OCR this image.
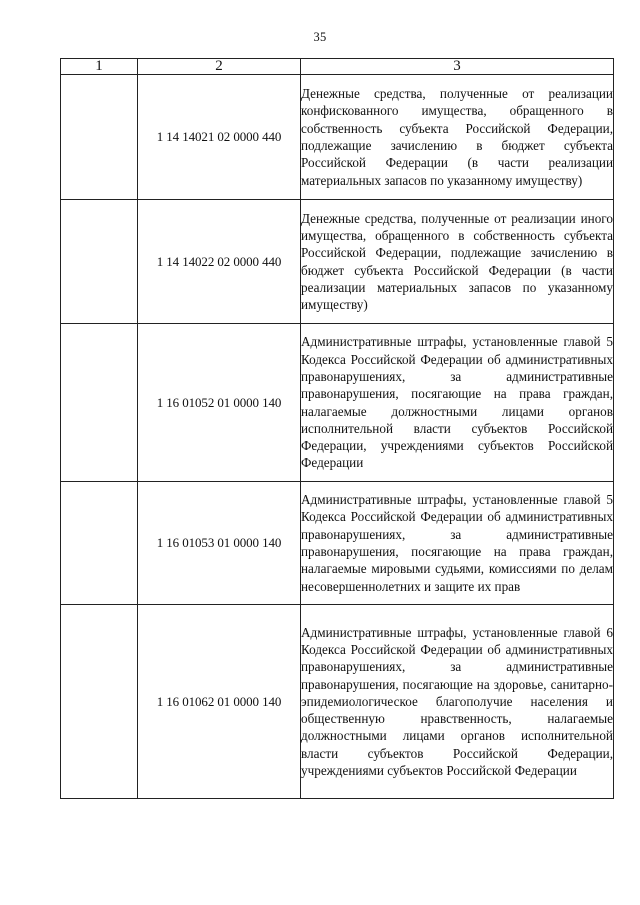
35
1	2	3
	1 14 14021 02 0000 440	Денежные средства, полученные от реализации конфискованного имущества, обращенного в собственность субъекта Российской Федерации, подлежащие зачислению в бюджет субъекта Российской Федерации (в части реализации материальных запасов по указанному имуществу)
	1 14 14022 02 0000 440	Денежные средства, полученные от реализации иного имущества, обращенного в собственность субъекта Российской Федерации, подлежащие зачислению в бюджет субъекта Российской Федерации (в части реализации материальных запасов по указанному имуществу)
	1 16 01052 01 0000 140	Административные штрафы, установленные главой 5 Кодекса Российской Федерации об административных правонарушениях, за административные правонарушения, посягающие на права граждан, налагаемые должностными лицами органов исполнительной власти субъектов Российской Федерации, учреждениями субъектов Российской Федерации
	1 16 01053 01 0000 140	Административные штрафы, установленные главой 5 Кодекса Российской Федерации об административных правонарушениях, за административные правонарушения, посягающие на права граждан, налагаемые мировыми судьями, комиссиями по делам несовершеннолетних и защите их прав
	1 16 01062 01 0000 140	Административные штрафы, установленные главой 6 Кодекса Российской Федерации об административных правонарушениях, за административные правонарушения, посягающие на здоровье, санитарно-эпидемиологическое благополучие населения и общественную нравственность, налагаемые должностными лицами органов исполнительной власти субъектов Российской Федерации, учреждениями субъектов Российской Федерации
